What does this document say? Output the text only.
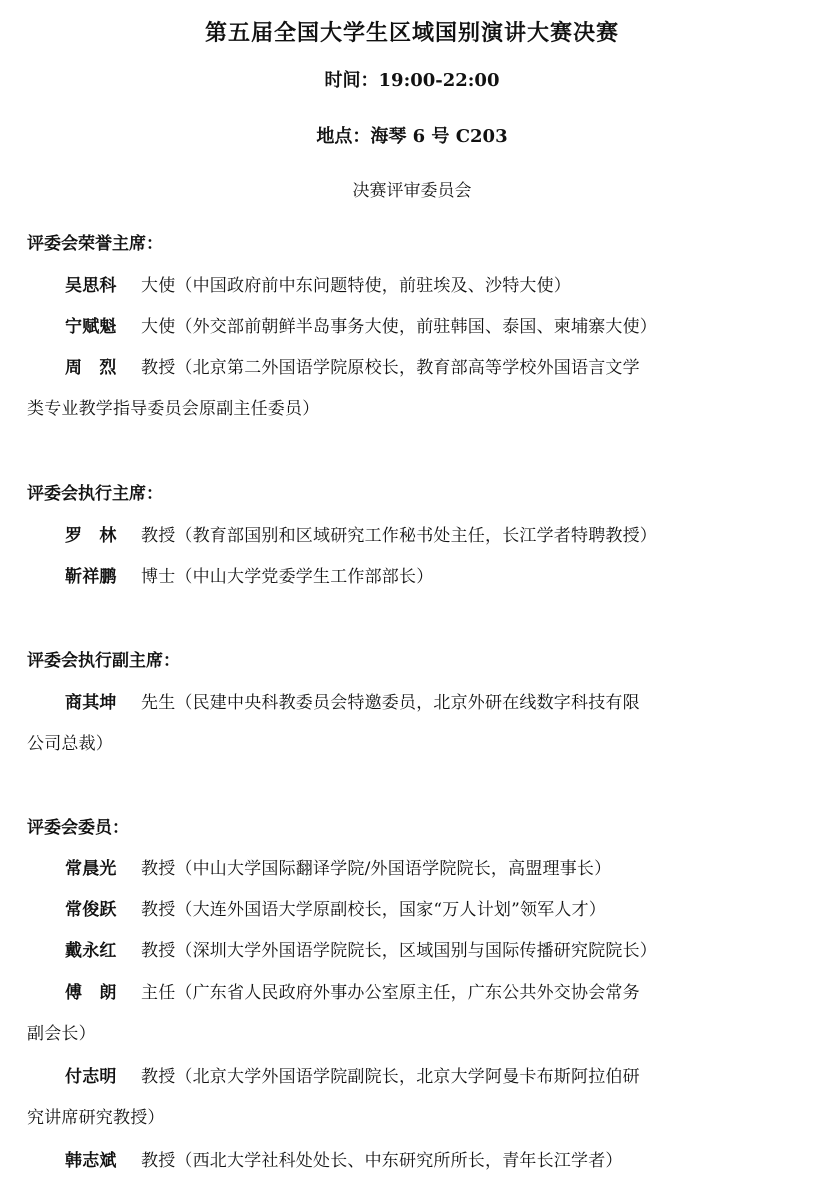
第五届全国大学生区域国别演讲大赛决赛
时间：19:00-22:00
地点：海琴 6 号 C203
决赛评审委员会
评委会荣誉主席：
吴思科 大使（中国政府前中东问题特使，前驻埃及、沙特大使）
宁赋魁 大使（外交部前朝鲜半岛事务大使，前驻韩国、泰国、柬埔寨大使）
周　烈 教授（北京第二外国语学院原校长，教育部高等学校外国语言文学
类专业教学指导委员会原副主任委员）
评委会执行主席：
罗　林 教授（教育部国别和区域研究工作秘书处主任，长江学者特聘教授）
靳祥鹏 博士（中山大学党委学生工作部部长）
评委会执行副主席：
商其坤 先生（民建中央科教委员会特邀委员，北京外研在线数字科技有限
公司总裁）
评委会委员：
常晨光 教授（中山大学国际翻译学院/外国语学院院长，高盟理事长）
常俊跃 教授（大连外国语大学原副校长，国家“万人计划”领军人才）
戴永红 教授（深圳大学外国语学院院长，区域国别与国际传播研究院院长）
傅　朗 主任（广东省人民政府外事办公室原主任，广东公共外交协会常务
副会长）
付志明 教授（北京大学外国语学院副院长，北京大学阿曼卡布斯阿拉伯研
究讲席研究教授）
韩志斌 教授（西北大学社科处处长、中东研究所所长，青年长江学者）
